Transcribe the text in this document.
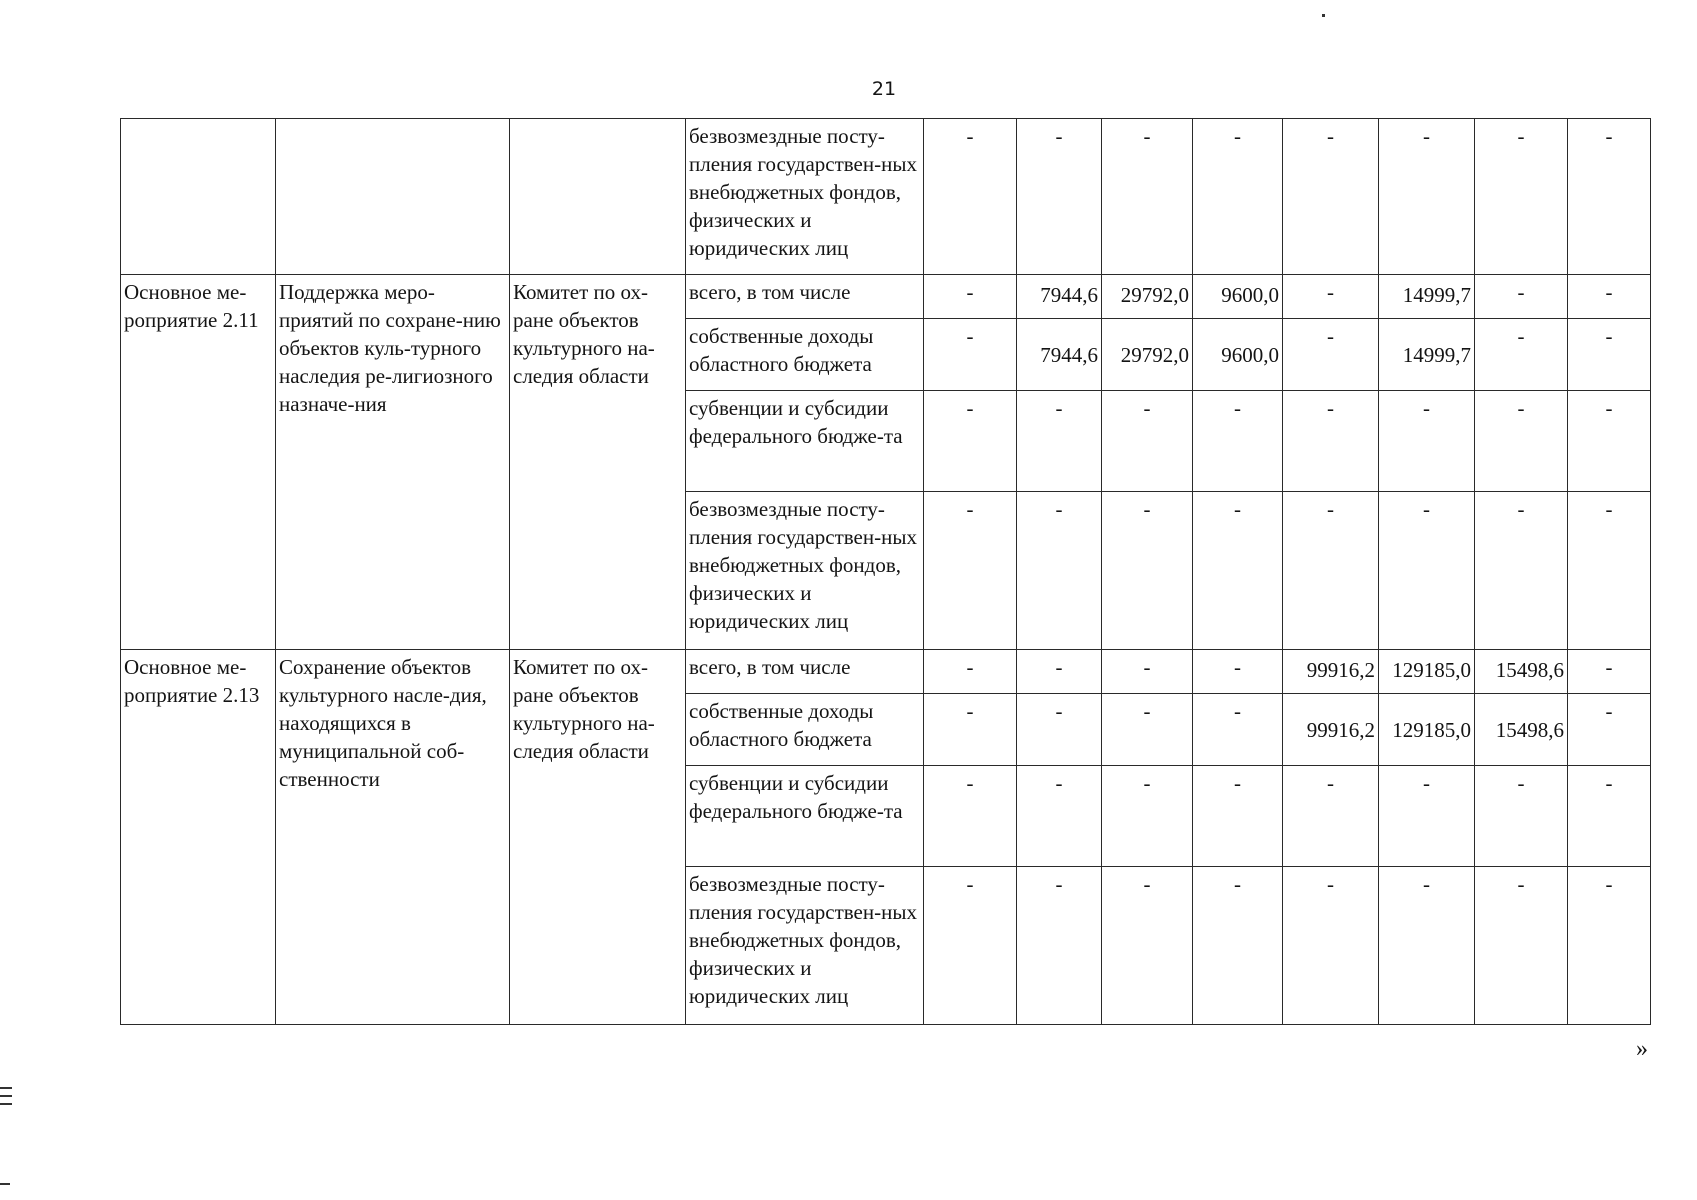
21
			безвозмездные посту-пления государствен-ных внебюджетных фондов, физических и юридических лиц	-	-	-	-	-	-	-	-
Основное ме-роприятие 2.11	Поддержка меро-приятий по сохране-нию объектов куль-турного наследия ре-лигиозного назначе-ния	Комитет по ох-ране объектов культурного на-следия области	всего, в том числе	-	7944,6	29792,0	9600,0	-	14999,7	-	-
			собственные доходы областного бюджета	-	7944,6	29792,0	9600,0	-	14999,7	-	-
			субвенции и субсидии федерального бюдже-та	-	-	-	-	-	-	-	-
			безвозмездные посту-пления государствен-ных внебюджетных фондов, физических и юридических лиц	-	-	-	-	-	-	-	-
Основное ме-роприятие 2.13	Сохранение объектов культурного насле-дия, находящихся в муниципальной соб-ственности	Комитет по ох-ране объектов культурного на-следия области	всего, в том числе	-	-	-	-	99916,2	129185,0	15498,6	-
			собственные доходы областного бюджета	-	-	-	-	99916,2	129185,0	15498,6	-
			субвенции и субсидии федерального бюдже-та	-	-	-	-	-	-	-	-
			безвозмездные посту-пления государствен-ных внебюджетных фондов, физических и юридических лиц	-	-	-	-	-	-	-	-
»
